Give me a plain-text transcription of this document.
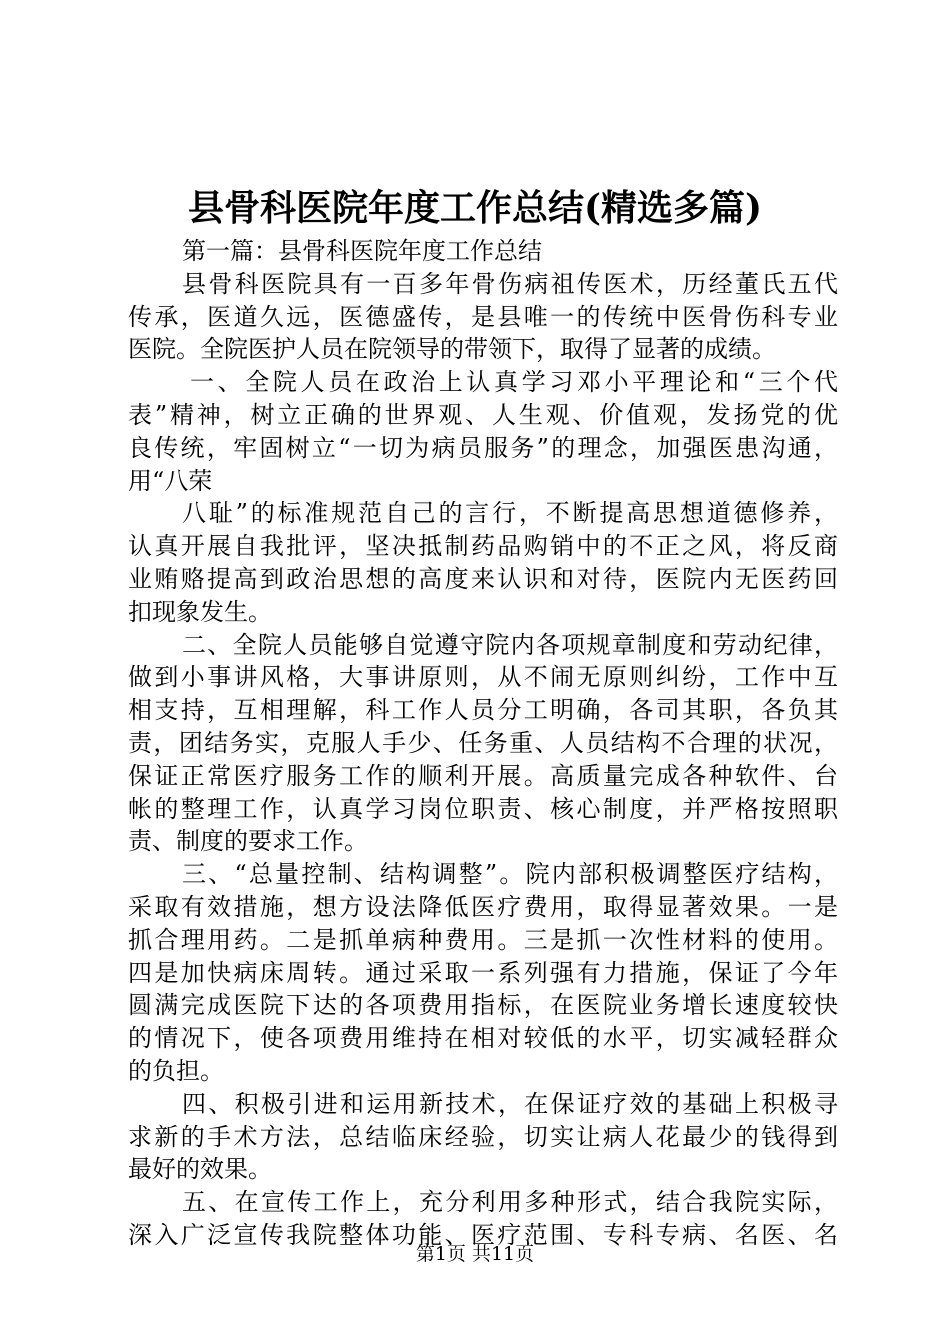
县骨科医院年度工作总结(精选多篇)
第一篇：县骨科医院年度工作总结
县骨科医院具有一百多年骨伤病祖传医术，历经董氏五代
传承，医道久远，医德盛传，是县唯一的传统中医骨伤科专业
医院。全院医护人员在院领导的带领下，取得了显著的成绩。
一、全院人员在政治上认真学习邓小平理论和“三个代
表”精神，树立正确的世界观、人生观、价值观，发扬党的优
良传统，牢固树立“一切为病员服务”的理念，加强医患沟通，
用“八荣
八耻”的标准规范自己的言行，不断提高思想道德修养，
认真开展自我批评，坚决抵制药品购销中的不正之风，将反商
业贿赂提高到政治思想的高度来认识和对待，医院内无医药回
扣现象发生。
二、全院人员能够自觉遵守院内各项规章制度和劳动纪律，
做到小事讲风格，大事讲原则，从不闹无原则纠纷，工作中互
相支持，互相理解，科工作人员分工明确，各司其职，各负其
责，团结务实，克服人手少、任务重、人员结构不合理的状况，
保证正常医疗服务工作的顺利开展。高质量完成各种软件、台
帐的整理工作，认真学习岗位职责、核心制度，并严格按照职
责、制度的要求工作。
三、“总量控制、结构调整”。院内部积极调整医疗结构，
采取有效措施，想方设法降低医疗费用，取得显著效果。一是
抓合理用药。二是抓单病种费用。三是抓一次性材料的使用。
四是加快病床周转。通过采取一系列强有力措施，保证了今年
圆满完成医院下达的各项费用指标，在医院业务增长速度较快
的情况下，使各项费用维持在相对较低的水平，切实减轻群众
的负担。
四、积极引进和运用新技术，在保证疗效的基础上积极寻
求新的手术方法，总结临床经验，切实让病人花最少的钱得到
最好的效果。
五、在宣传工作上，充分利用多种形式，结合我院实际，
深入广泛宣传我院整体功能、医疗范围、专科专病、名医、名
第1页 共11页
